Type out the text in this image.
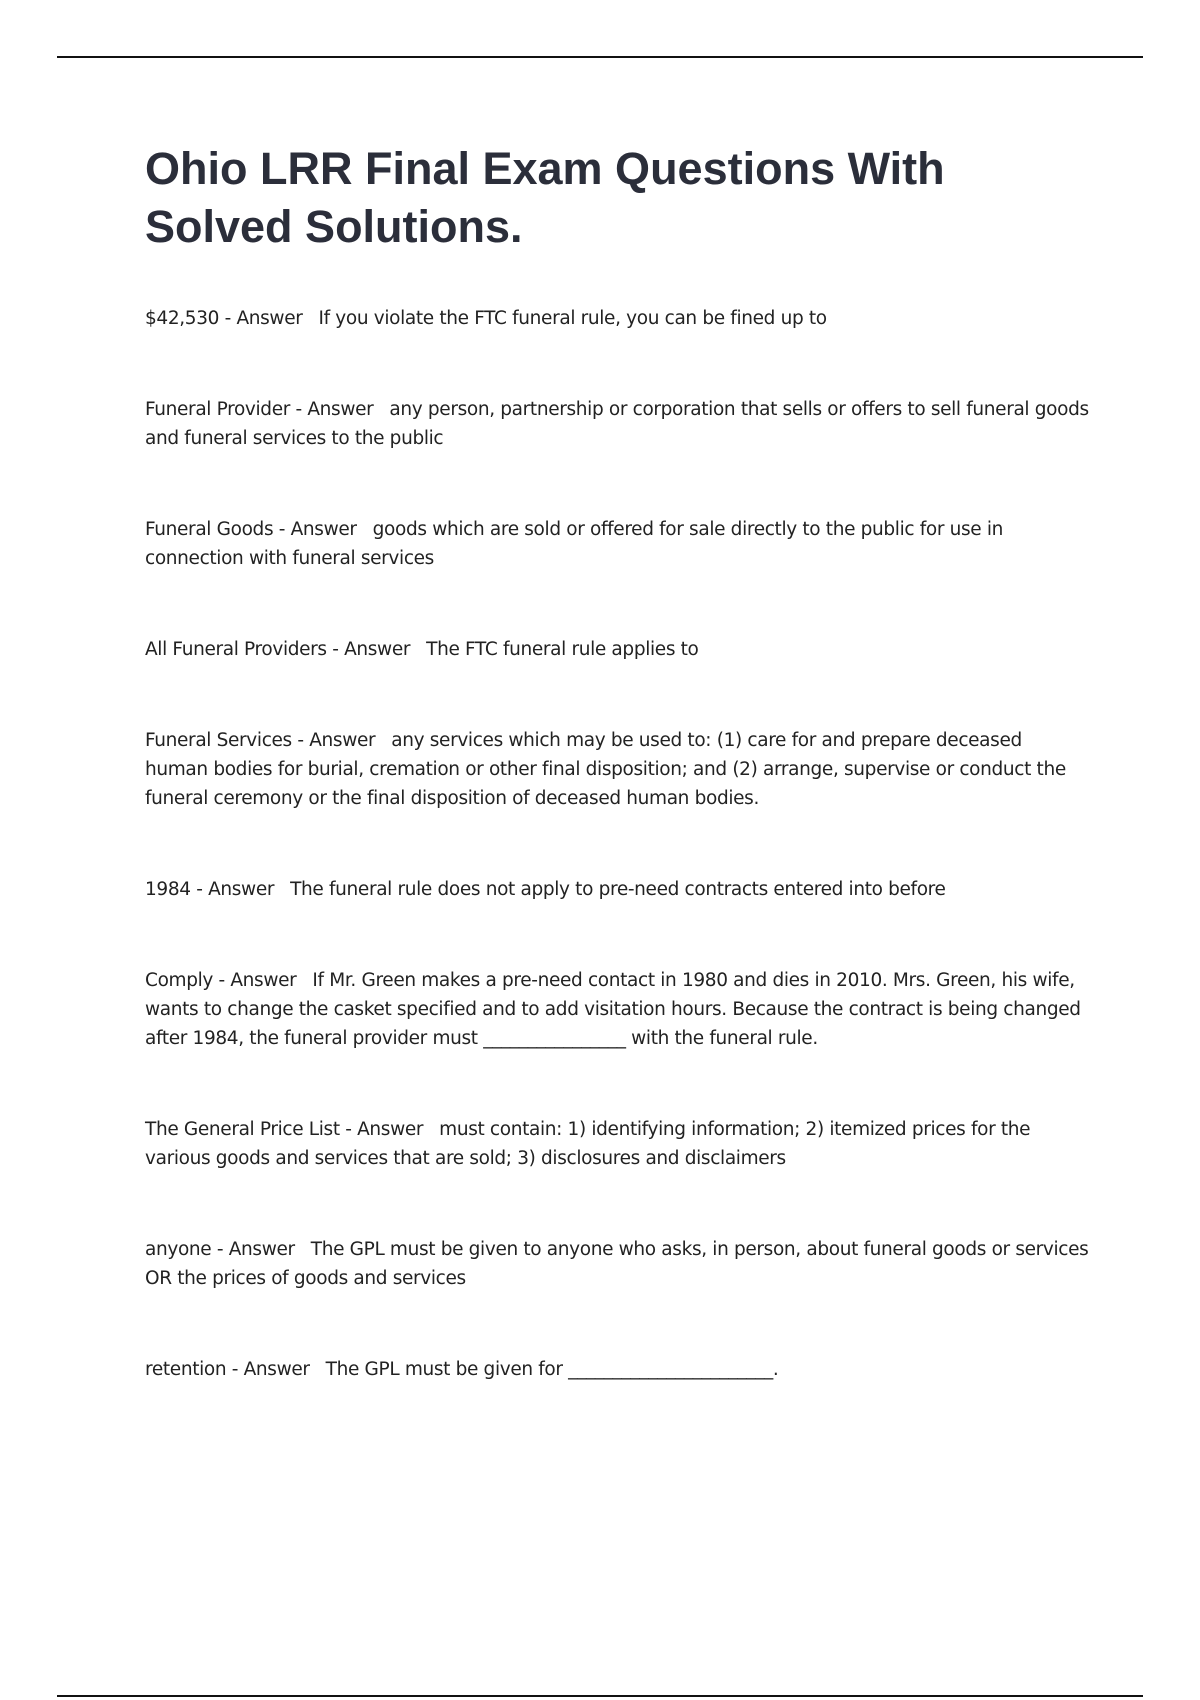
Ohio LRR Final Exam Questions With Solved Solutions.

$42,530 - Answer If you violate the FTC funeral rule, you can be fined up to

Funeral Provider - Answer any person, partnership or corporation that sells or offers to sell funeral goods and funeral services to the public

Funeral Goods - Answer goods which are sold or offered for sale directly to the public for use in connection with funeral services

All Funeral Providers - Answer The FTC funeral rule applies to

Funeral Services - Answer any services which may be used to: (1) care for and prepare deceased human bodies for burial, cremation or other final disposition; and (2) arrange, supervise or conduct the funeral ceremony or the final disposition of deceased human bodies.

1984 - Answer The funeral rule does not apply to pre-need contracts entered into before

Comply - Answer If Mr. Green makes a pre-need contact in 1980 and dies in 2010. Mrs. Green, his wife, wants to change the casket specified and to add visitation hours. Because the contract is being changed after 1984, the funeral provider must ________________ with the funeral rule.

The General Price List - Answer must contain: 1) identifying information; 2) itemized prices for the various goods and services that are sold; 3) disclosures and disclaimers

anyone - Answer The GPL must be given to anyone who asks, in person, about funeral goods or services OR the prices of goods and services

retention - Answer The GPL must be given for _______________________.
